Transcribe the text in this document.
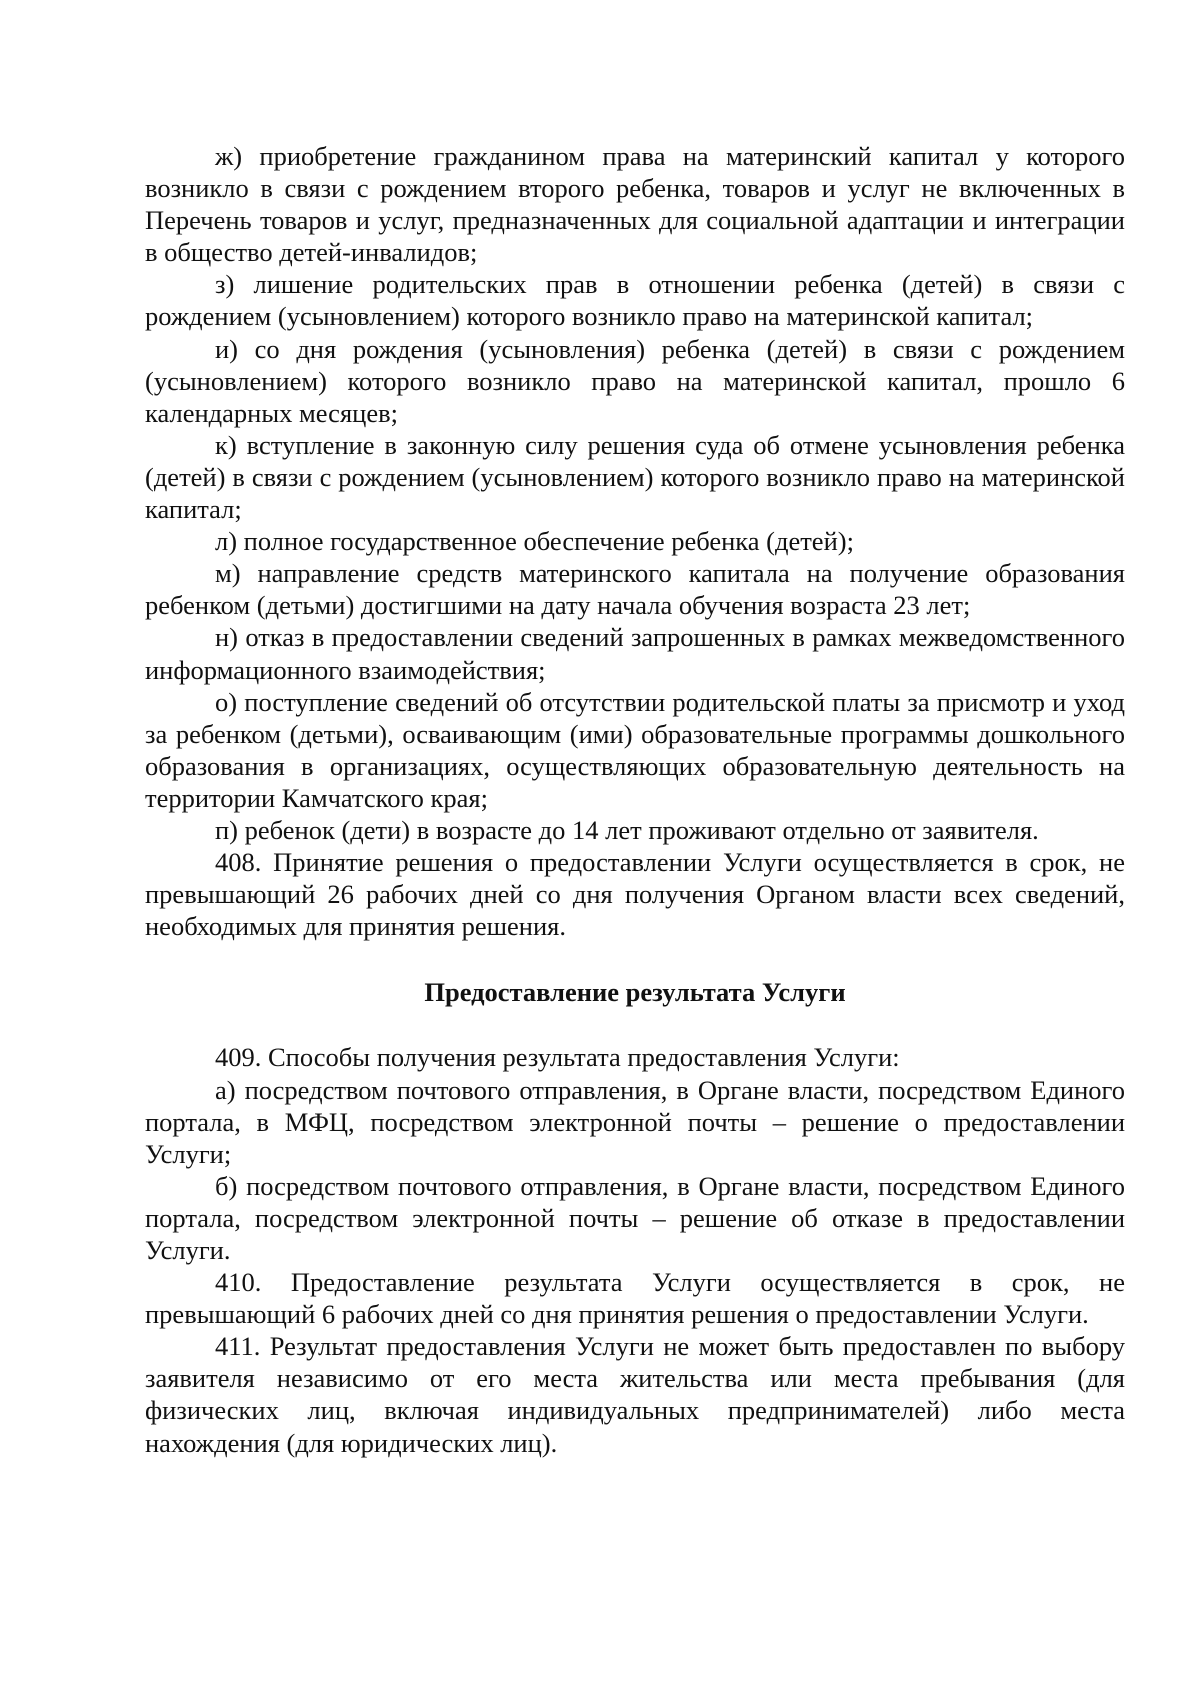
ж) приобретение гражданином права на материнский капитал у которого возникло в связи с рождением второго ребенка, товаров и услуг не включенных в Перечень товаров и услуг, предназначенных для социальной адаптации и интеграции в общество детей-инвалидов;

з) лишение родительских прав в отношении ребенка (детей) в связи с рождением (усыновлением) которого возникло право на материнской капитал;

и) со дня рождения (усыновления) ребенка (детей) в связи с рождением (усыновлением) которого возникло право на материнской капитал, прошло 6 календарных месяцев;

к) вступление в законную силу решения суда об отмене усыновления ребенка (детей) в связи с рождением (усыновлением) которого возникло право на материнской капитал;

л) полное государственное обеспечение ребенка (детей);

м) направление средств материнского капитала на получение образования ребенком (детьми) достигшими на дату начала обучения возраста 23 лет;

н) отказ в предоставлении сведений запрошенных в рамках межведомственного информационного взаимодействия;

о) поступление сведений об отсутствии родительской платы за присмотр и уход за ребенком (детьми), осваивающим (ими) образовательные программы дошкольного образования в организациях, осуществляющих образовательную деятельность на территории Камчатского края;

п) ребенок (дети) в возрасте до 14 лет проживают отдельно от заявителя.

408. Принятие решения о предоставлении Услуги осуществляется в срок, не превышающий 26 рабочих дней со дня получения Органом власти всех сведений, необходимых для принятия решения.

Предоставление результата Услуги

409. Способы получения результата предоставления Услуги:

а) посредством почтового отправления, в Органе власти, посредством Единого портала, в МФЦ, посредством электронной почты – решение о предоставлении Услуги;

б) посредством почтового отправления, в Органе власти, посредством Единого портала, посредством электронной почты – решение об отказе в предоставлении Услуги.

410. Предоставление результата Услуги осуществляется в срок, не превышающий 6 рабочих дней со дня принятия решения о предоставлении Услуги.

411. Результат предоставления Услуги не может быть предоставлен по выбору заявителя независимо от его места жительства или места пребывания (для физических лиц, включая индивидуальных предпринимателей) либо места нахождения (для юридических лиц).
